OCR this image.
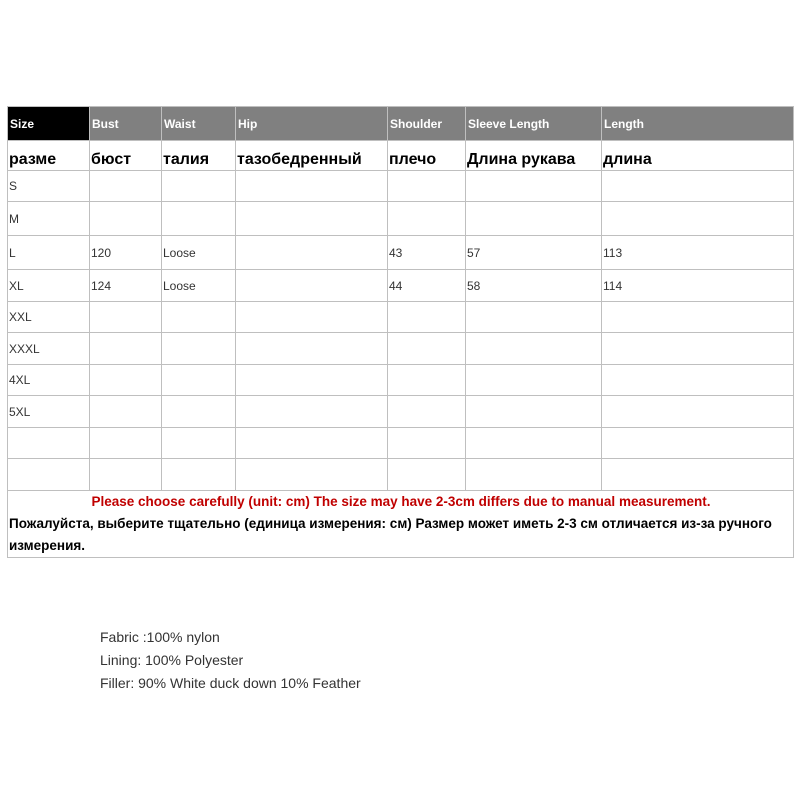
Size	Bust	Waist	Hip	Shoulder	Sleeve Length	Length
разме	бюст	талия	тазобедренный	плечо	Длина рукава	длина
S						
M						
L	120	Loose		43	57	113
XL	124	Loose		44	58	114
XXL						
XXXL						
4XL						
5XL						

Please choose carefully (unit: cm) The size may have 2-3cm differs due to manual measurement.
Пожалуйста, выберите тщательно (единица измерения: см) Размер может иметь 2-3 см отличается из-за ручного измерения.						
Fabric :100% nylon
Lining: 100% Polyester
Filler: 90% White duck down 10% Feather
